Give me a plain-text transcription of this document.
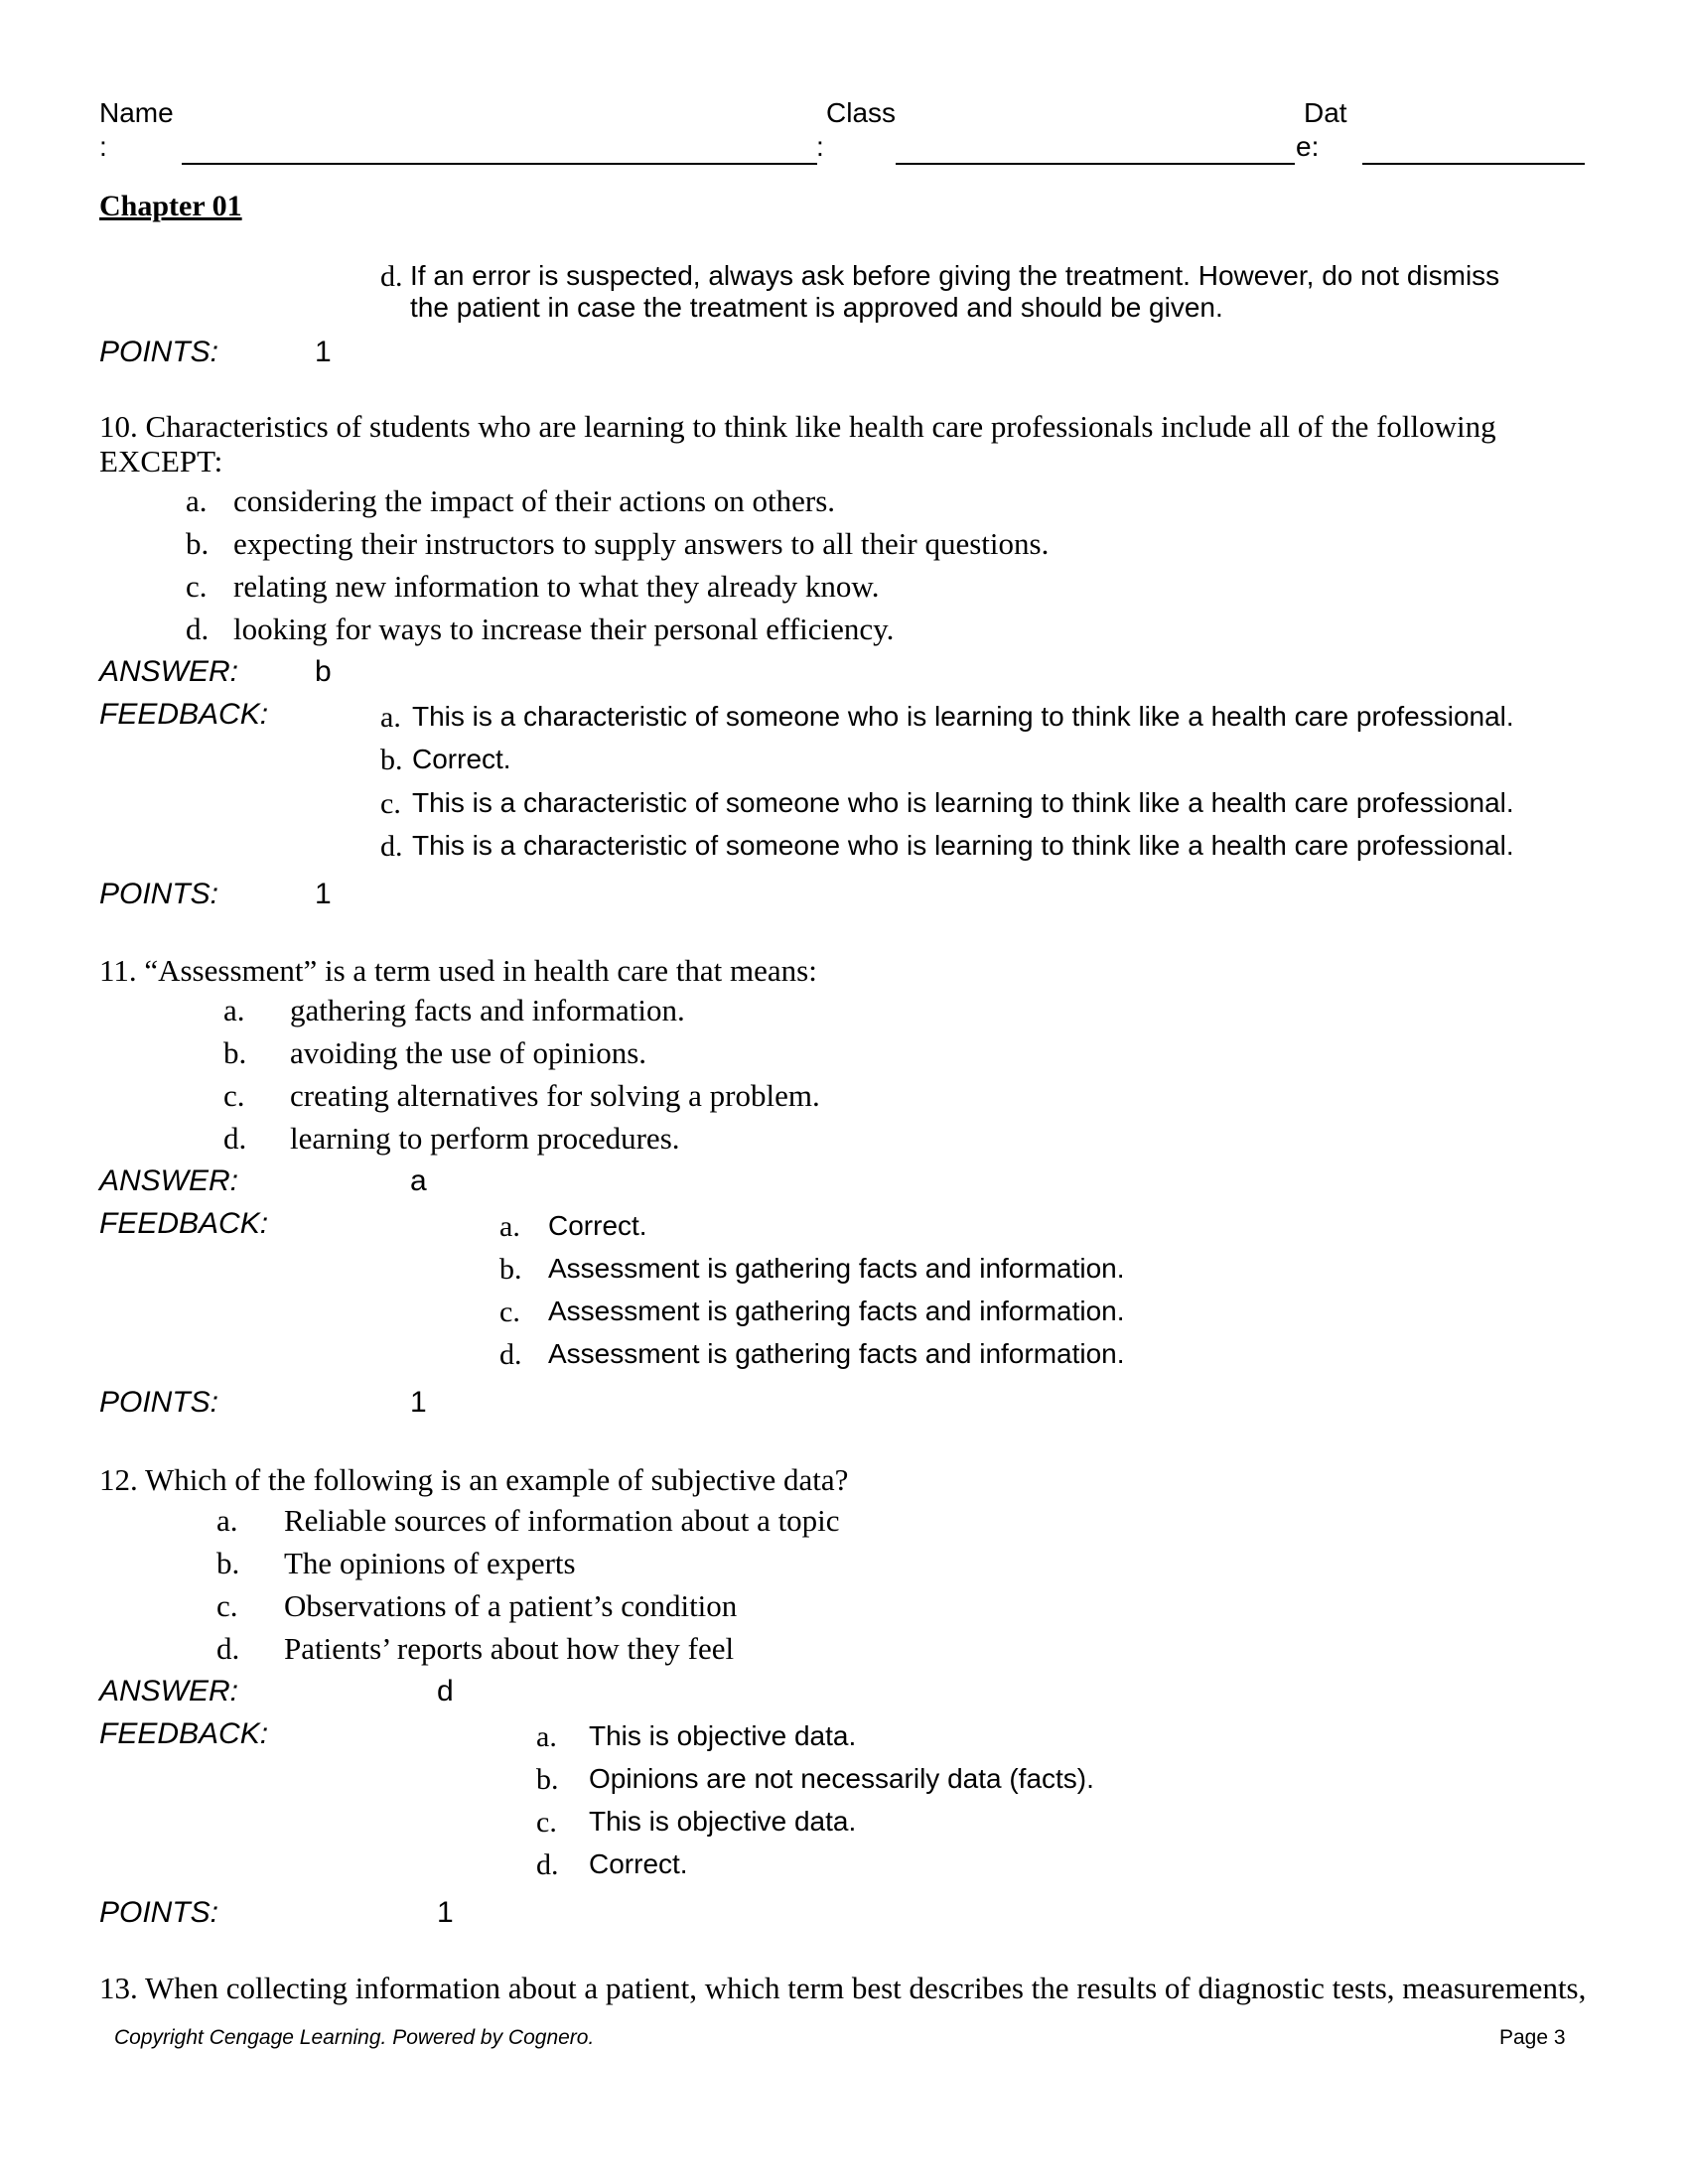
Name
:
Class
:
Dat
e:
Chapter 01
d. If an error is suspected, always ask before giving the treatment. However, do not dismiss
the patient in case the treatment is approved and should be given.
POINTS:	1
10. Characteristics of students who are learning to think like health care professionals include all of the following
EXCEPT:
a. considering the impact of their actions on others.
b. expecting their instructors to supply answers to all their questions.
c. relating new information to what they already know.
d. looking for ways to increase their personal efficiency.
ANSWER:	b
FEEDBACK:	a. This is a characteristic of someone who is learning to think like a health care professional.
b. Correct.
c. This is a characteristic of someone who is learning to think like a health care professional.
d. This is a characteristic of someone who is learning to think like a health care professional.
POINTS:	1
11. “Assessment” is a term used in health care that means:
a. gathering facts and information.
b. avoiding the use of opinions.
c. creating alternatives for solving a problem.
d. learning to perform procedures.
ANSWER:	a
FEEDBACK:	a. Correct.
b. Assessment is gathering facts and information.
c. Assessment is gathering facts and information.
d. Assessment is gathering facts and information.
POINTS:	1
12. Which of the following is an example of subjective data?
a. Reliable sources of information about a topic
b. The opinions of experts
c. Observations of a patient’s condition
d. Patients’ reports about how they feel
ANSWER:	d
FEEDBACK:	a. This is objective data.
b. Opinions are not necessarily data (facts).
c. This is objective data.
d. Correct.
POINTS:	1
13. When collecting information about a patient, which term best describes the results of diagnostic tests, measurements,
Copyright Cengage Learning. Powered by Cognero.	Page 3
